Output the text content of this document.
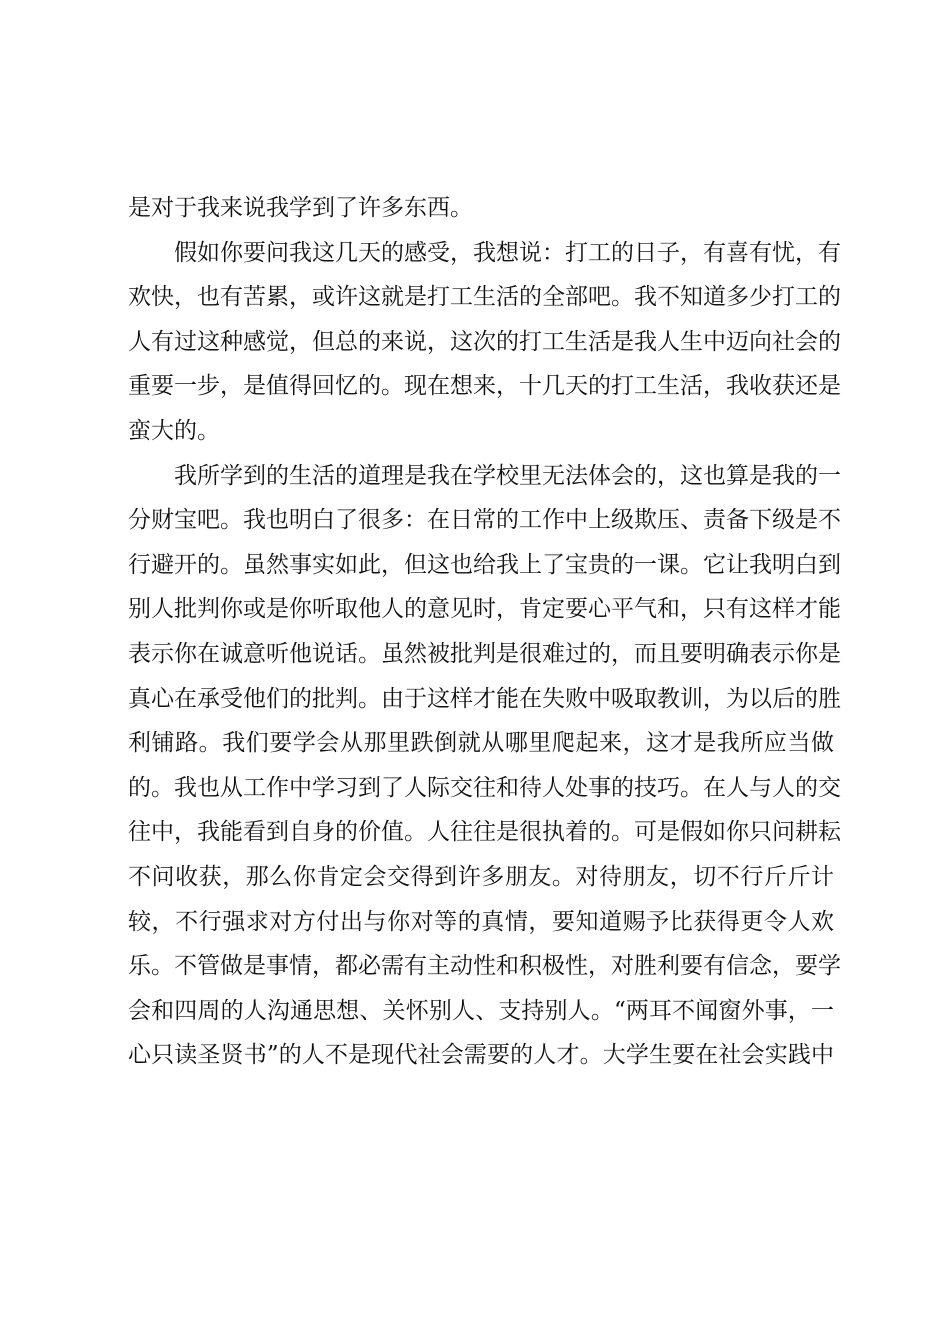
是对于我来说我学到了许多东西。
假如你要问我这几天的感受，我想说：打工的日子，有喜有忧，有
欢快，也有苦累，或许这就是打工生活的全部吧。我不知道多少打工的
人有过这种感觉，但总的来说，这次的打工生活是我人生中迈向社会的
重要一步，是值得回忆的。现在想来，十几天的打工生活，我收获还是
蛮大的。
我所学到的生活的道理是我在学校里无法体会的，这也算是我的一
分财宝吧。我也明白了很多：在日常的工作中上级欺压、责备下级是不
行避开的。虽然事实如此，但这也给我上了宝贵的一课。它让我明白到
别人批判你或是你听取他人的意见时，肯定要心平气和，只有这样才能
表示你在诚意听他说话。虽然被批判是很难过的，而且要明确表示你是
真心在承受他们的批判。由于这样才能在失败中吸取教训，为以后的胜
利铺路。我们要学会从那里跌倒就从哪里爬起来，这才是我所应当做
的。我也从工作中学习到了人际交往和待人处事的技巧。在人与人的交
往中，我能看到自身的价值。人往往是很执着的。可是假如你只问耕耘
不问收获，那么你肯定会交得到许多朋友。对待朋友，切不行斤斤计
较，不行强求对方付出与你对等的真情，要知道赐予比获得更令人欢
乐。不管做是事情，都必需有主动性和积极性，对胜利要有信念，要学
会和四周的人沟通思想、关怀别人、支持别人。“两耳不闻窗外事，一
心只读圣贤书”的人不是现代社会需要的人才。大学生要在社会实践中
